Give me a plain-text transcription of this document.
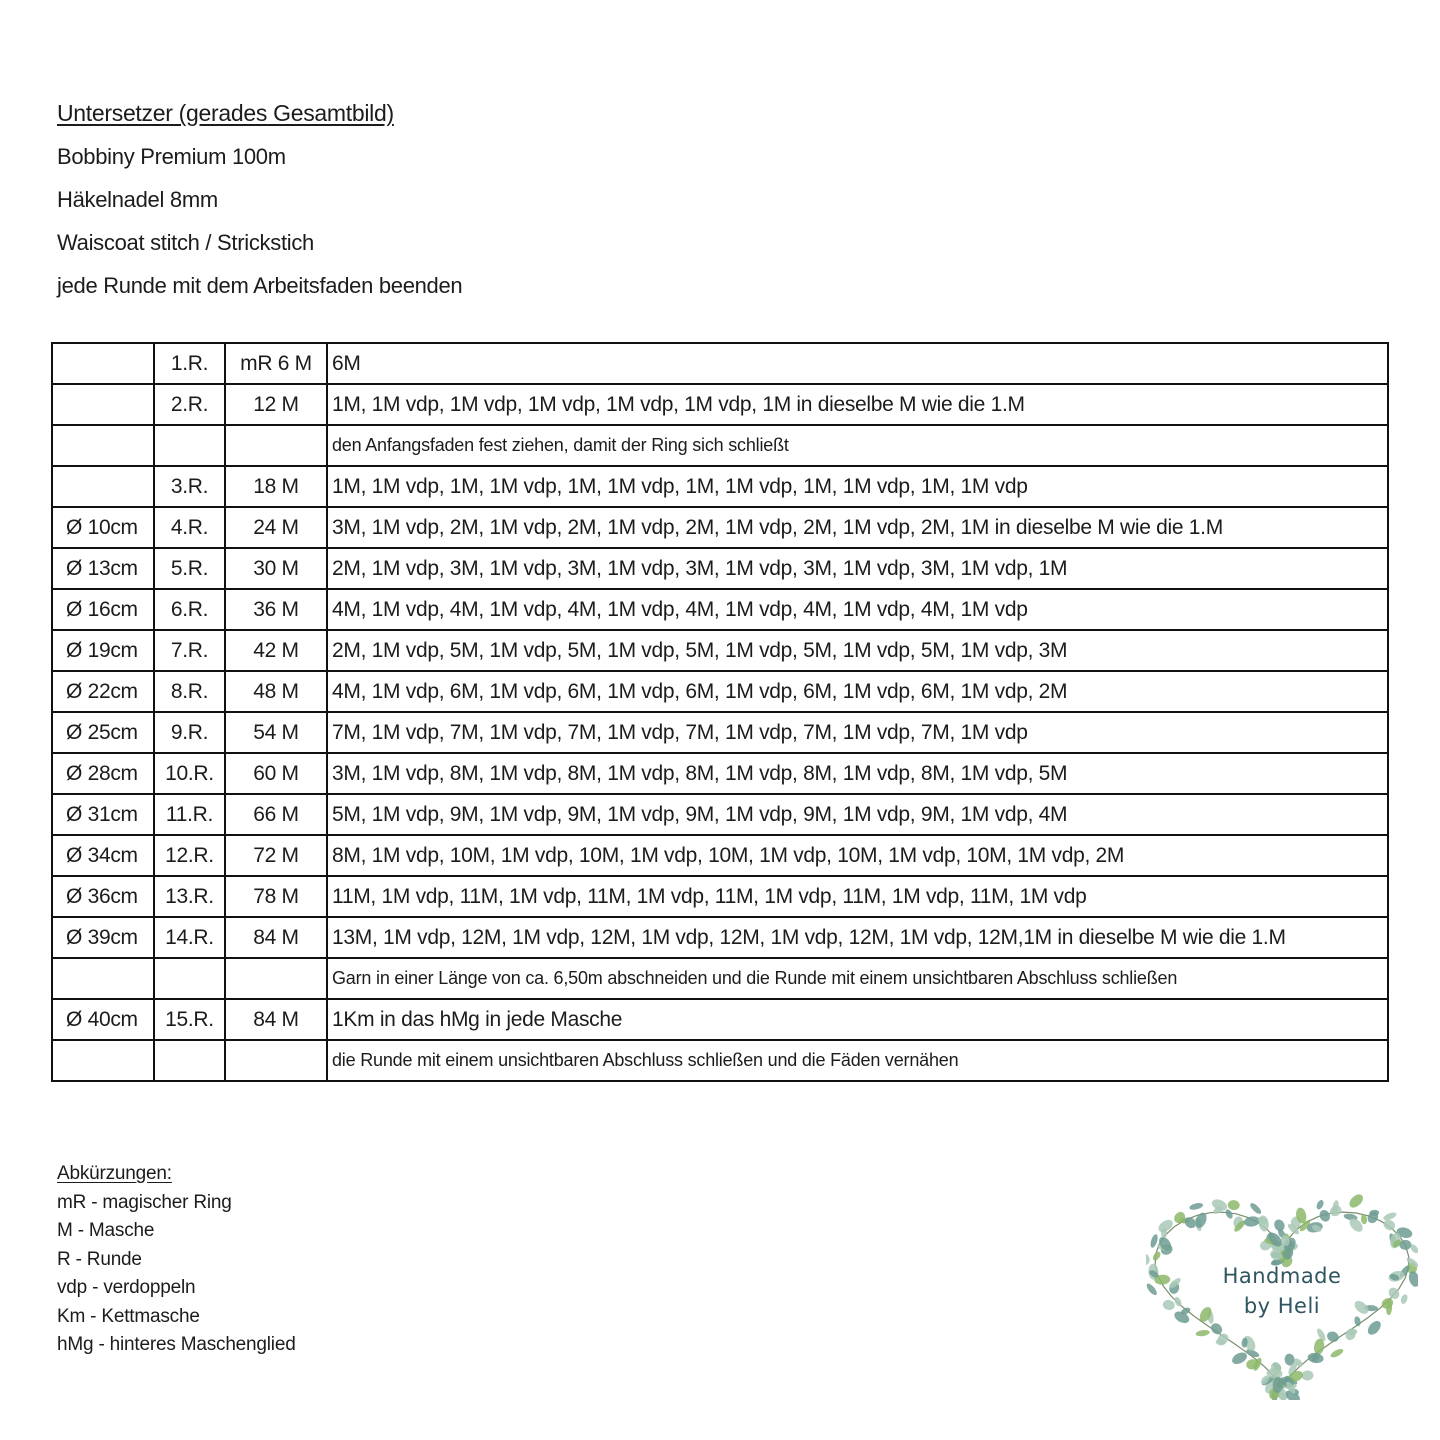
Untersetzer (gerades Gesamtbild)
Bobbiny Premium 100m
Häkelnadel 8mm
Waiscoat stitch / Strickstich
jede Runde mit dem Arbeitsfaden beenden
	1.R.	mR 6 M	6M
	2.R.	12 M	1M, 1M vdp, 1M vdp, 1M vdp, 1M vdp, 1M vdp, 1M in dieselbe M wie die 1.M
			den Anfangsfaden fest ziehen, damit der Ring sich schließt
	3.R.	18 M	1M, 1M vdp, 1M, 1M vdp, 1M, 1M vdp, 1M, 1M vdp, 1M, 1M vdp, 1M, 1M vdp
Ø 10cm	4.R.	24 M	3M, 1M vdp, 2M, 1M vdp, 2M, 1M vdp, 2M, 1M vdp, 2M, 1M vdp, 2M, 1M in dieselbe M wie die 1.M
Ø 13cm	5.R.	30 M	2M, 1M vdp, 3M, 1M vdp, 3M, 1M vdp, 3M, 1M vdp, 3M, 1M vdp, 3M, 1M vdp, 1M
Ø 16cm	6.R.	36 M	4M, 1M vdp, 4M, 1M vdp, 4M, 1M vdp, 4M, 1M vdp, 4M, 1M vdp, 4M, 1M vdp
Ø 19cm	7.R.	42 M	2M, 1M vdp, 5M, 1M vdp, 5M, 1M vdp, 5M, 1M vdp, 5M, 1M vdp, 5M, 1M vdp, 3M
Ø 22cm	8.R.	48 M	4M, 1M vdp, 6M, 1M vdp, 6M, 1M vdp, 6M, 1M vdp, 6M, 1M vdp, 6M, 1M vdp, 2M
Ø 25cm	9.R.	54 M	7M, 1M vdp, 7M, 1M vdp, 7M, 1M vdp, 7M, 1M vdp, 7M, 1M vdp, 7M, 1M vdp
Ø 28cm	10.R.	60 M	3M, 1M vdp, 8M, 1M vdp, 8M, 1M vdp, 8M, 1M vdp, 8M, 1M vdp, 8M, 1M vdp, 5M
Ø 31cm	11.R.	66 M	5M, 1M vdp, 9M, 1M vdp, 9M, 1M vdp, 9M, 1M vdp, 9M, 1M vdp, 9M, 1M vdp, 4M
Ø 34cm	12.R.	72 M	8M, 1M vdp, 10M, 1M vdp, 10M, 1M vdp, 10M, 1M vdp, 10M, 1M vdp, 10M, 1M vdp, 2M
Ø 36cm	13.R.	78 M	11M, 1M vdp, 11M, 1M vdp, 11M, 1M vdp, 11M, 1M vdp, 11M, 1M vdp, 11M, 1M vdp
Ø 39cm	14.R.	84 M	13M, 1M vdp, 12M, 1M vdp, 12M, 1M vdp, 12M, 1M vdp, 12M, 1M vdp, 12M,1M in dieselbe M wie die 1.M
			Garn in einer Länge von ca. 6,50m abschneiden und die Runde mit einem unsichtbaren Abschluss schließen
Ø 40cm	15.R.	84 M	1Km in das hMg in jede Masche
			die Runde mit einem unsichtbaren Abschluss schließen und die Fäden vernähen
Abkürzungen:
mR - magischer Ring
M - Masche
R - Runde
vdp - verdoppeln
Km - Kettmasche
hMg - hinteres Maschenglied
Handmade
by Heli
